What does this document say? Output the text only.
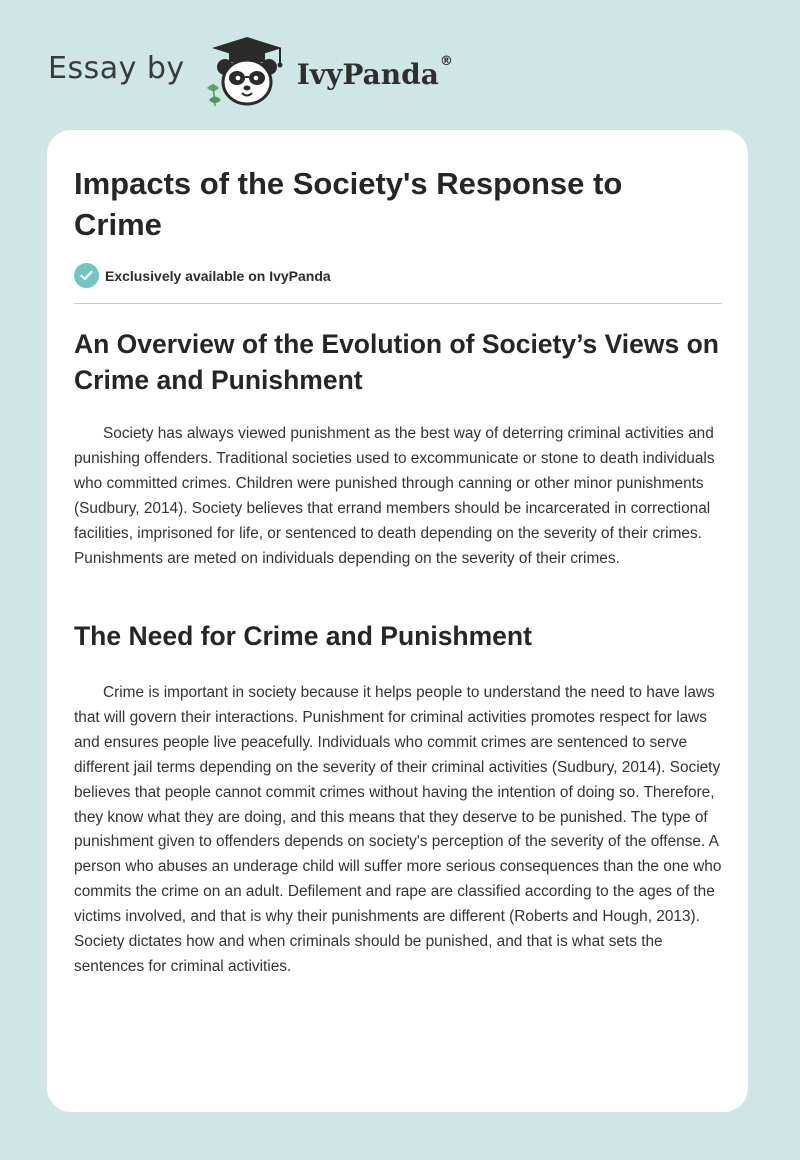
Essay by	IvyPanda®
Impacts of the Society's Response to Crime
Exclusively available on IvyPanda
An Overview of the Evolution of Society’s Views on Crime and Punishment

Society has always viewed punishment as the best way of deterring criminal activities and punishing offenders. Traditional societies used to excommunicate or stone to death individuals who committed crimes. Children were punished through canning or other minor punishments (Sudbury, 2014). Society believes that errand members should be incarcerated in correctional facilities, imprisoned for life, or sentenced to death depending on the severity of their crimes. Punishments are meted on individuals depending on the severity of their crimes.

The Need for Crime and Punishment

Crime is important in society because it helps people to understand the need to have laws that will govern their interactions. Punishment for criminal activities promotes respect for laws and ensures people live peacefully. Individuals who commit crimes are sentenced to serve different jail terms depending on the severity of their criminal activities (Sudbury, 2014). Society believes that people cannot commit crimes without having the intention of doing so. Therefore, they know what they are doing, and this means that they deserve to be punished. The type of punishment given to offenders depends on society's perception of the severity of the offense. A person who abuses an underage child will suffer more serious consequences than the one who commits the crime on an adult. Defilement and rape are classified according to the ages of the victims involved, and that is why their punishments are different (Roberts and Hough, 2013). Society dictates how and when criminals should be punished, and that is what sets the sentences for criminal activities.
